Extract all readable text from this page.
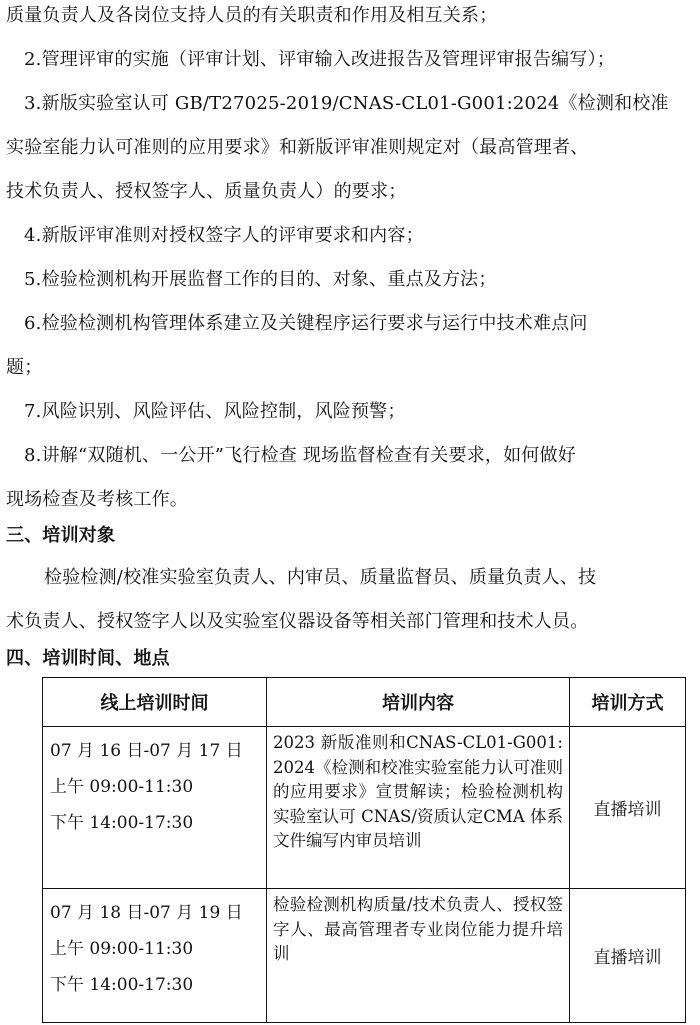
质量负责人及各岗位支持人员的有关职责和作用及相互关系；
2.管理评审的实施（评审计划、评审输入改进报告及管理评审报告编写）；
3.新版实验室认可 GB/T27025-2019/CNAS-CL01-G001:2024《检测和校准
实验室能力认可准则的应用要求》和新版评审准则规定对（最高管理者、
技术负责人、授权签字人、质量负责人）的要求；
4.新版评审准则对授权签字人的评审要求和内容；
5.检验检测机构开展监督工作的目的、对象、重点及方法；
6.检验检测机构管理体系建立及关键程序运行要求与运行中技术难点问
题；
7.风险识别、风险评估、风险控制，风险预警；
8.讲解“双随机、一公开”飞行检查 现场监督检查有关要求，如何做好
现场检查及考核工作。
三、培训对象
检验检测/校准实验室负责人、内审员、质量监督员、质量负责人、技
术负责人、授权签字人以及实验室仪器设备等相关部门管理和技术人员。
四、培训时间、地点
线上培训时间	培训内容	培训方式

07 月 16 日-07 月 17 日
上午 09:00-11:30
下午 14:00-17:30	2023 新版准则和CNAS-CL01-G001:2024《检测和校准实验室能力认可准则的应用要求》宣贯解读；检验检测机构实验室认可 CNAS/资质认定CMA 体系文件编写内审员培训	直播培训

07 月 18 日-07 月 19 日
上午 09:00-11:30
下午 14:00-17:30	检验检测机构质量/技术负责人、授权签字人、最高管理者专业岗位能力提升培训	直播培训
